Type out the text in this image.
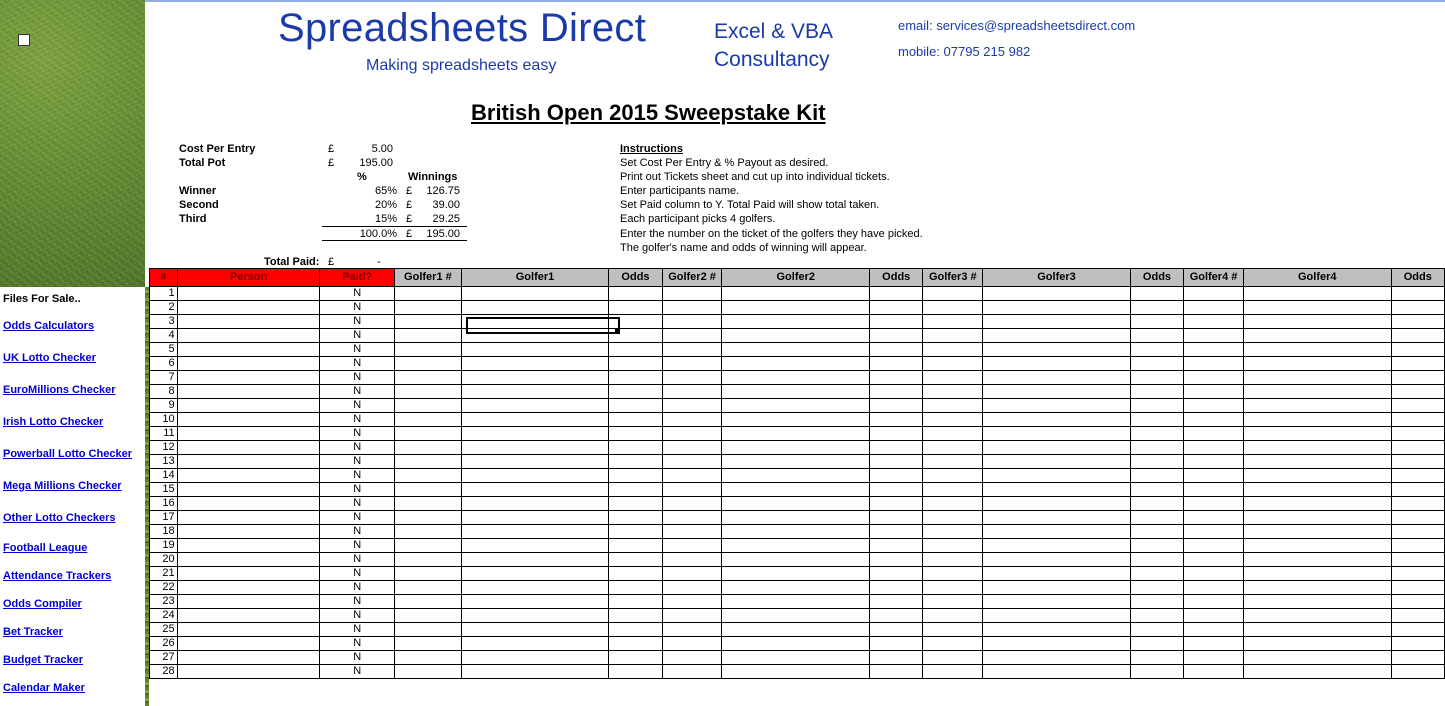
Spreadsheets Direct
Making spreadsheets easy
Excel & VBA
Consultancy
email: services@spreadsheetsdirect.com
mobile: 07795 215 982
British Open 2015 Sweepstake Kit
Cost Per Entry	£	5.00
Total Pot	£	195.00
%	Winnings
Winner	65% £	126.75
Second	20% £	39.00
Third	15% £	29.25
100.0% £	195.00
Total Paid: £	-
Instructions
Set Cost Per Entry & % Payout as desired.
Print out Tickets sheet and cut up into individual tickets.
Enter participants name.
Set Paid column to Y. Total Paid will show total taken.
Each participant picks 4 golfers.
Enter the number on the ticket of the golfers they have picked.
The golfer's name and odds of winning will appear.
Files For Sale..
Odds Calculators
UK Lotto Checker
EuroMillions Checker
Irish Lotto Checker
Powerball Lotto Checker
Mega Millions Checker
Other Lotto Checkers
Football League
Attendance Trackers
Odds Compiler
Bet Tracker
Budget Tracker
Calendar Maker
#	Person	Paid?	Golfer1 #	Golfer1	Odds	Golfer2 #	Golfer2	Odds	Golfer3 #	Golfer3	Odds	Golfer4 #	Golfer4	Odds
1		N												
2		N												
3		N												
4		N												
5		N												
6		N												
7		N												
8		N												
9		N												
10		N												
11		N												
12		N												
13		N												
14		N												
15		N												
16		N												
17		N												
18		N												
19		N												
20		N												
21		N												
22		N												
23		N												
24		N												
25		N												
26		N												
27		N												
28		N												
